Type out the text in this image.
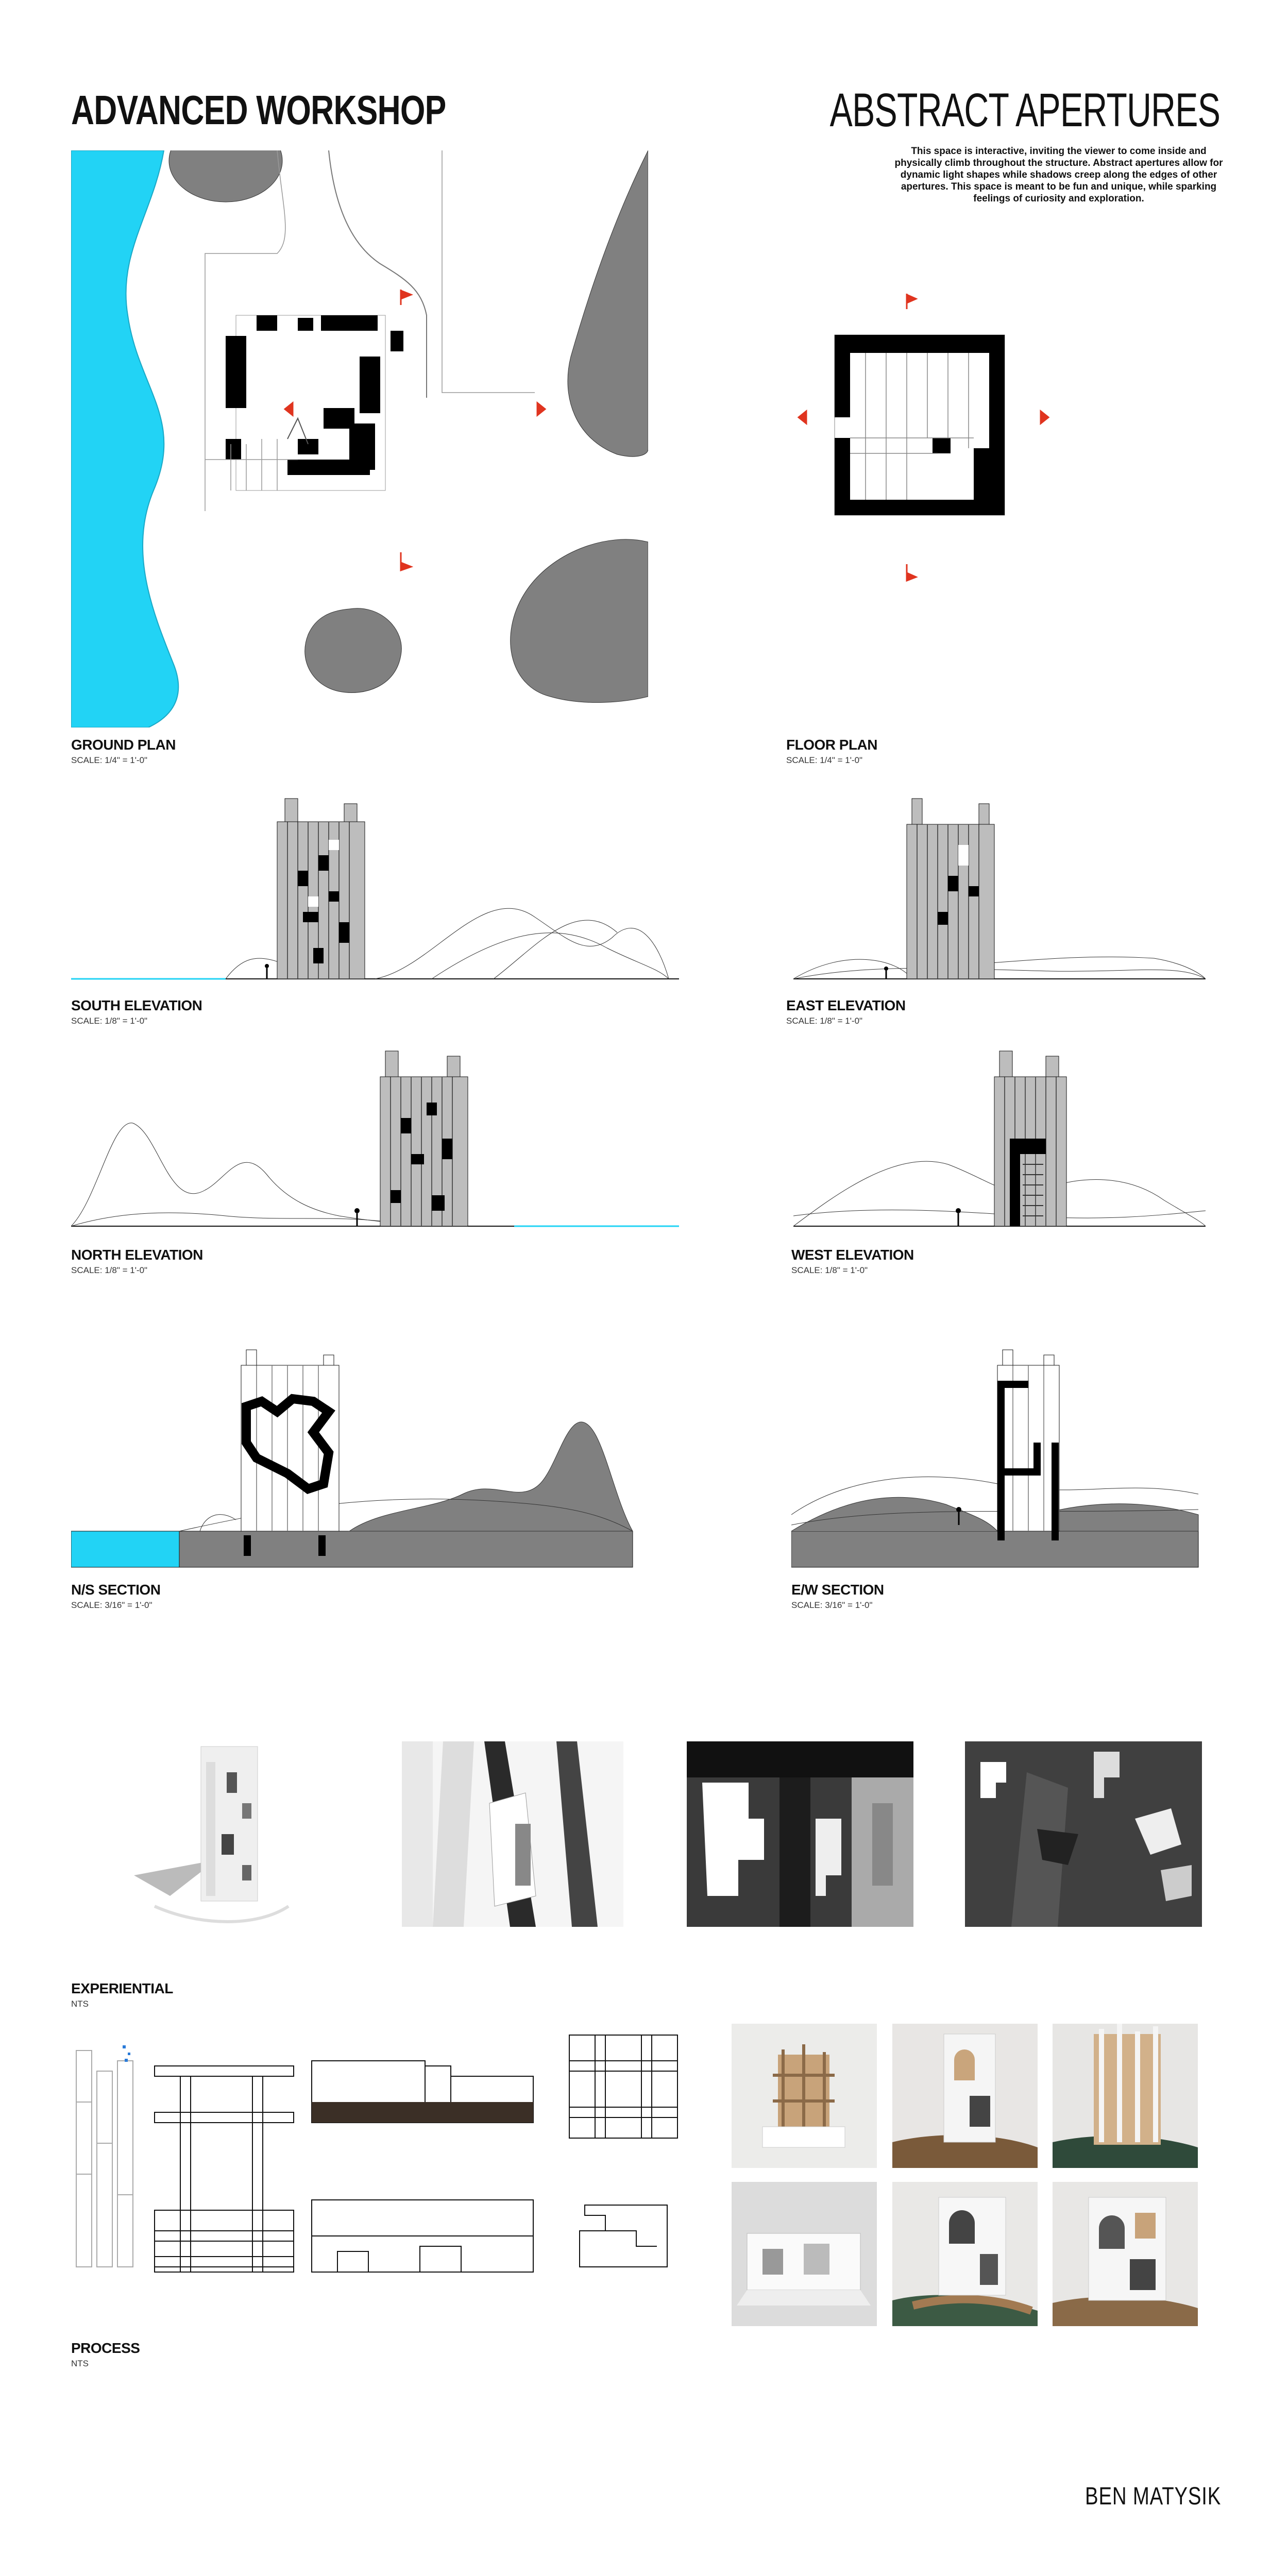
ADVANCED WORKSHOP	ABSTRACT APERTURES
This space is interactive, inviting the viewer to come inside and physically climb throughout the structure. Abstract apertures allow for dynamic light shapes while shadows creep along the edges of other apertures. This space is meant to be fun and unique, while sparking feelings of curiosity and exploration.
GROUND PLAN
SCALE: 1/4" = 1'-0"
FLOOR PLAN
SCALE: 1/4" = 1'-0"
SOUTH ELEVATION
SCALE: 1/8" = 1'-0"
EAST ELEVATION
SCALE: 1/8" = 1'-0"
NORTH ELEVATION
SCALE: 1/8" = 1'-0"
WEST ELEVATION
SCALE: 1/8" = 1'-0"
N/S SECTION
SCALE: 3/16" = 1'-0"
E/W SECTION
SCALE: 3/16" = 1'-0"
EXPERIENTIAL
NTS
PROCESS
NTS
BEN MATYSIK
